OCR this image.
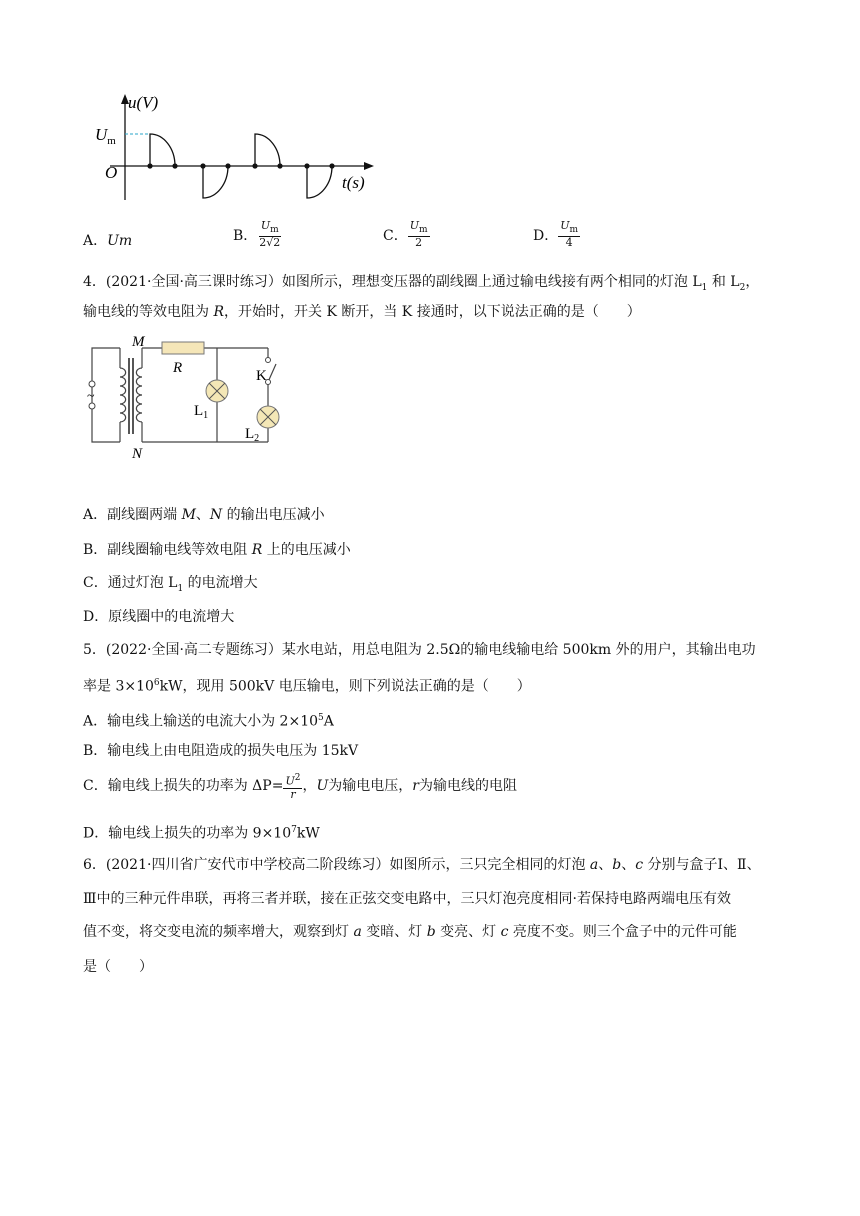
u(V)
$U_m$
O
t(s)
A．Um	B． $\frac{U_m}{2√2}$	C． $\frac{U_m}{2}$	D． $\frac{U_m}{4}$
4．(2021·全国·高三课时练习）如图所示，理想变压器的副线圈上通过输电线接有两个相同的灯泡 $L_1$ 和 $L_2$，
输电线的等效电阻为 R，开始时，开关 K 断开，当 K 接通时，以下说法正确的是（　　）
~
M
N
R	K
$L_1$
$L_2$
A．副线圈两端 M、N 的输出电压减小
B．副线圈输电线等效电阻 R 上的电压减小
C．通过灯泡 $L_1$ 的电流增大
D．原线圈中的电流增大
5．(2022·全国·高二专题练习）某水电站，用总电阻为 2.5Ω的输电线输电给 500km 外的用户，其输出电功
率是 $3\times 10^6kW$，现用 500kV 电压输电，则下列说法正确的是（　　）
A．输电线上输送的电流大小为 $2\times 10^5A$
B．输电线上由电阻造成的损失电压为 15kV
C．输电线上损失的功率为 $\Delta P= \frac{U^2}{r}$ ， U 为输电电压， r 为输电线的电阻
D．输电线上损失的功率为 $9\times 10^7kW$
6．(2021·四川省广安代市中学校高二阶段练习）如图所示，三只完全相同的灯泡 a、b、c 分别与盒子Ⅰ、Ⅱ、
Ⅲ中的三种元件串联，再将三者并联，接在正弦交变电路中，三只灯泡亮度相同·若保持电路两端电压有效
值不变，将交变电流的频率增大，观察到灯 a 变暗、灯 b 变亮、灯 c 亮度不变。则三个盒子中的元件可能
是（　　）
